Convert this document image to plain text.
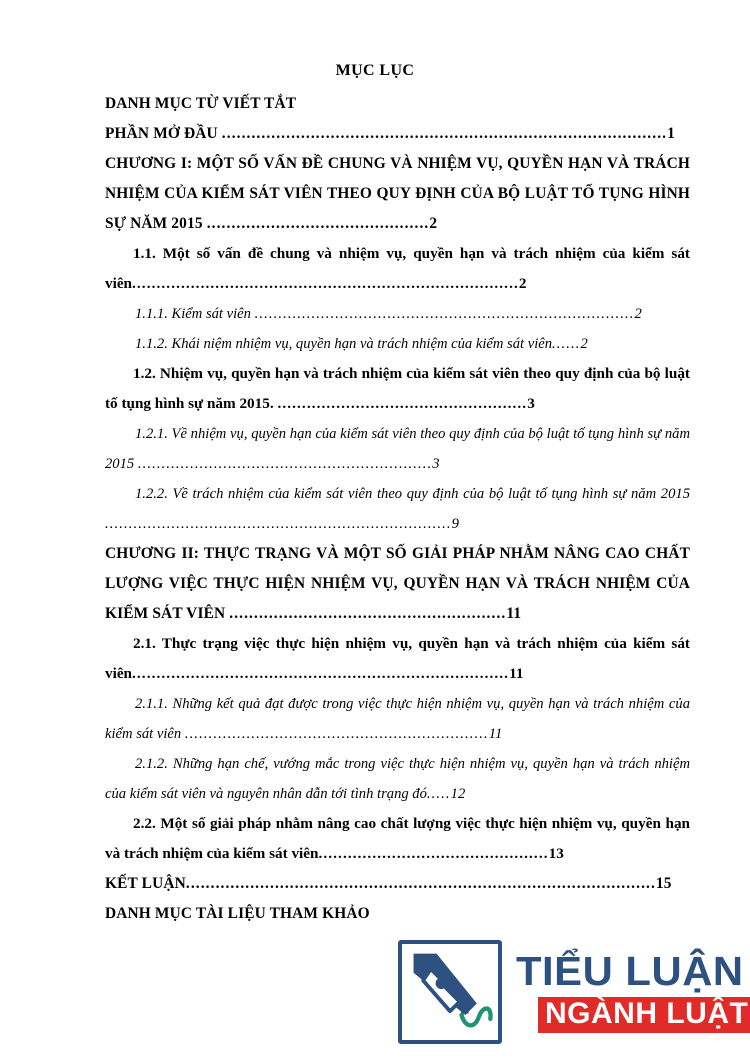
MỤC LỤC
DANH MỤC TỪ VIẾT TẮT
PHẦN MỞ ĐẦU ..........................................................................................1
CHƯƠNG I: MỘT SỐ VẤN ĐỀ CHUNG VÀ NHIỆM VỤ, QUYỀN HẠN VÀ TRÁCH NHIỆM CỦA KIỂM SÁT VIÊN THEO QUY ĐỊNH CỦA BỘ LUẬT TỐ TỤNG HÌNH SỰ NĂM 2015 .............................................2
1.1. Một số vấn đề chung và nhiệm vụ, quyền hạn và trách nhiệm của kiểm sát viên...............................................................................2
1.1.1. Kiểm sát viên ................................................................................2
1.1.2. Khái niệm nhiệm vụ, quyền hạn và trách nhiệm của kiểm sát viên......2
1.2. Nhiệm vụ, quyền hạn và trách nhiệm của kiểm sát viên theo quy định của bộ luật tố tụng hình sự năm 2015. ...................................................3
1.2.1. Về nhiệm vụ, quyền hạn của kiểm sát viên theo quy định của bộ luật tố tụng hình sự năm 2015 ..............................................................3
1.2.2. Về trách nhiệm của kiểm sát viên theo quy định của bộ luật tố tụng hình sự năm 2015 .........................................................................9
CHƯƠNG II: THỰC TRẠNG VÀ MỘT SỐ GIẢI PHÁP NHẰM NÂNG CAO CHẤT LƯỢNG VIỆC THỰC HIỆN NHIỆM VỤ, QUYỀN HẠN VÀ TRÁCH NHIỆM CỦA KIỂM SÁT VIÊN ........................................................11
2.1. Thực trạng việc thực hiện nhiệm vụ, quyền hạn và trách nhiệm của kiểm sát viên.............................................................................11
2.1.1. Những kết quả đạt được trong việc thực hiện nhiệm vụ, quyền hạn và trách nhiệm của kiểm sát viên ................................................................11
2.1.2. Những hạn chế, vướng mắc trong việc thực hiện nhiệm vụ, quyền hạn và trách nhiệm của kiểm sát viên và nguyên nhân dẫn tới tình trạng đó.....12
2.2. Một số giải pháp nhằm nâng cao chất lượng việc thực hiện nhiệm vụ, quyền hạn và trách nhiệm của kiểm sát viên...............................................13
KẾT LUẬN...............................................................................................15
DANH MỤC TÀI LIỆU THAM KHẢO
TIỂU LUẬN
NGÀNH LUẬT
